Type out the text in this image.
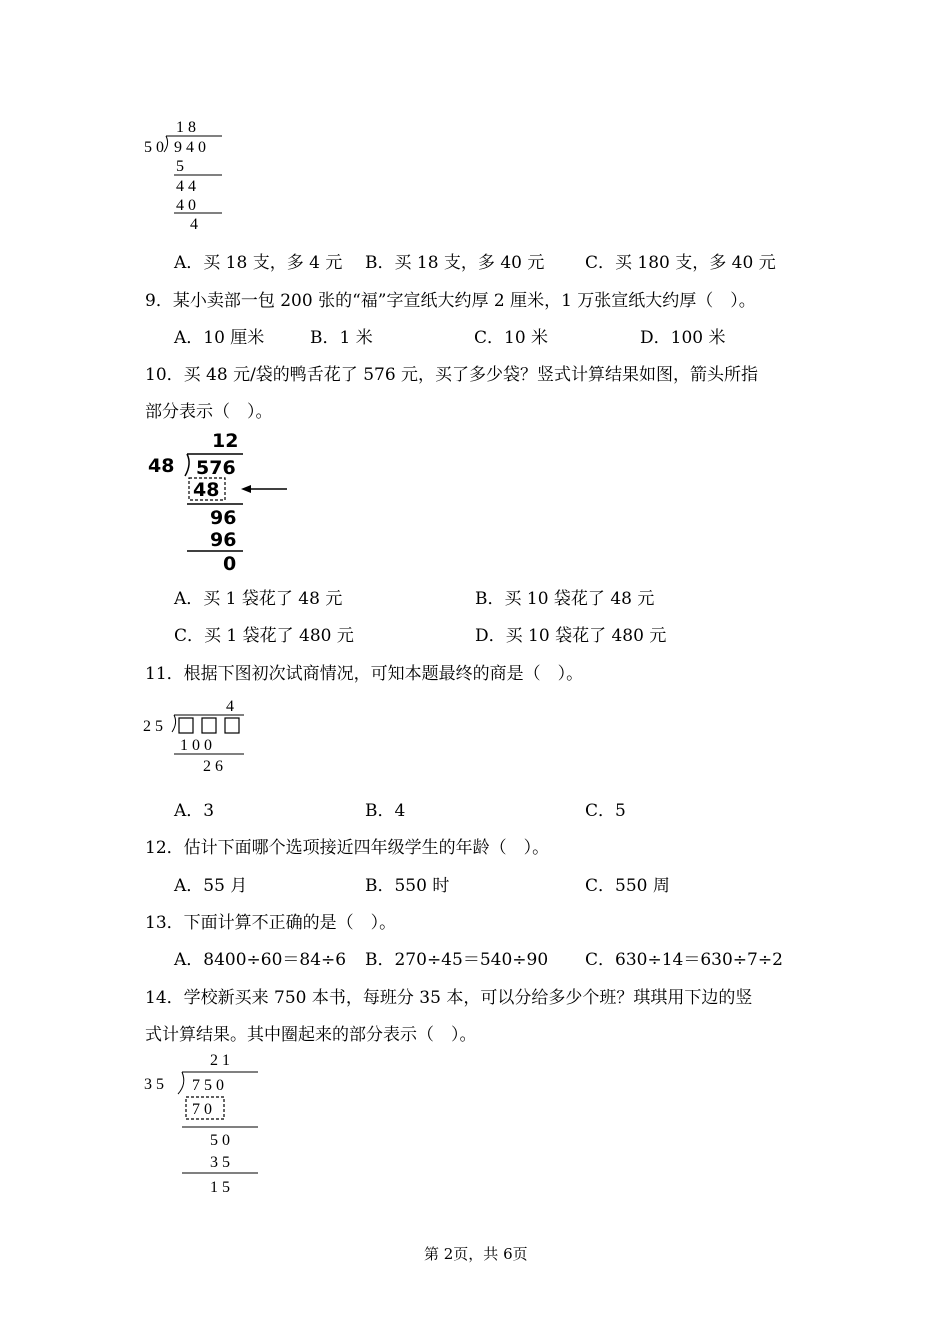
1 8
5 0 9 4 0
5
4 4
4 0
4
A．买 18 支，多 4 元 B．买 18 支，多 40 元 C．买 180 支，多 40 元
9．某小卖部一包 200 张的“福”字宣纸大约厚 2 厘米，1 万张宣纸大约厚（　）。
A．10 厘米	B．1 米	C．10 米	D．100 米
10．买 48 元/袋的鸭舌花了 576 元，买了多少袋？竖式计算结果如图，箭头所指
部分表示（　）。
12
48 576
48
96
96
0
A．买 1 袋花了 48 元	B．买 10 袋花了 48 元
C．买 1 袋花了 480 元	D．买 10 袋花了 480 元
11．根据下图初次试商情况，可知本题最终的商是（　）。
4
2 5
1 0 0
2 6
A．3	B．4	C．5
12．估计下面哪个选项接近四年级学生的年龄（　）。
A．55 月	B．550 时	C．550 周
13．下面计算不正确的是（　）。
A．8400÷60＝84÷6 B．270÷45＝540÷90 C．630÷14＝630÷7÷2
14．学校新买来 750 本书，每班分 35 本，可以分给多少个班？琪琪用下边的竖
式计算结果。其中圈起来的部分表示（　）。
2 1
3 5 7 5 0
7 0
5 0
3 5
1 5
第 2页，共 6页
